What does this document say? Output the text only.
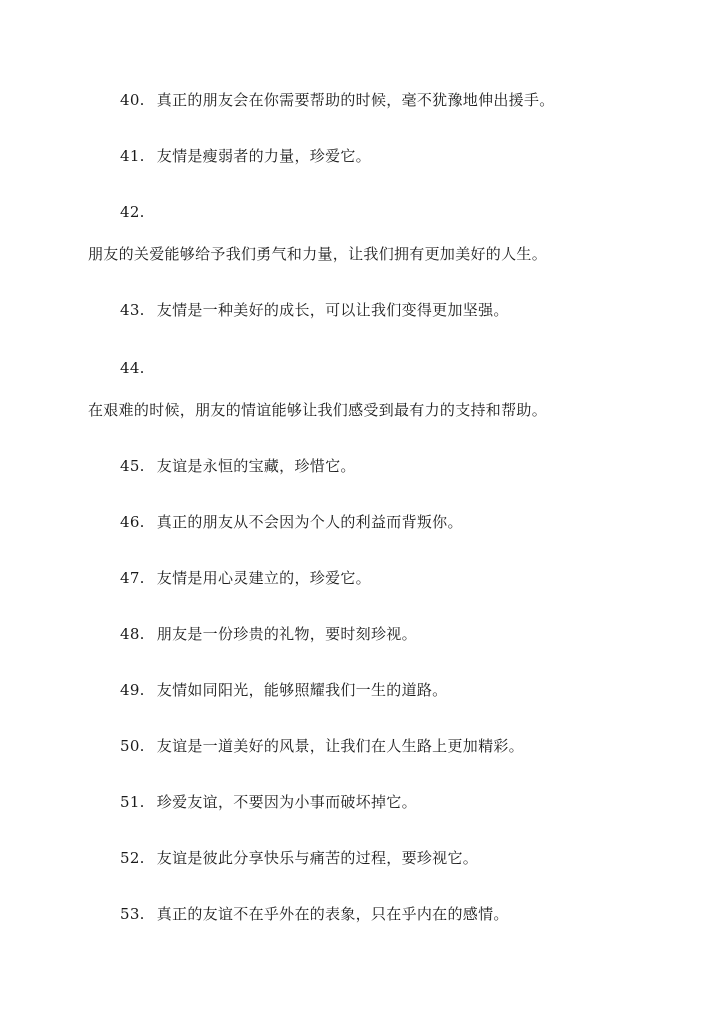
40. 真正的朋友会在你需要帮助的时候，毫不犹豫地伸出援手。
41. 友情是瘦弱者的力量，珍爱它。
42.
朋友的关爱能够给予我们勇气和力量，让我们拥有更加美好的人生。
43. 友情是一种美好的成长，可以让我们变得更加坚强。
44.
在艰难的时候，朋友的情谊能够让我们感受到最有力的支持和帮助。
45. 友谊是永恒的宝藏，珍惜它。
46. 真正的朋友从不会因为个人的利益而背叛你。
47. 友情是用心灵建立的，珍爱它。
48. 朋友是一份珍贵的礼物，要时刻珍视。
49. 友情如同阳光，能够照耀我们一生的道路。
50. 友谊是一道美好的风景，让我们在人生路上更加精彩。
51. 珍爱友谊，不要因为小事而破坏掉它。
52. 友谊是彼此分享快乐与痛苦的过程，要珍视它。
53. 真正的友谊不在乎外在的表象，只在乎内在的感情。
